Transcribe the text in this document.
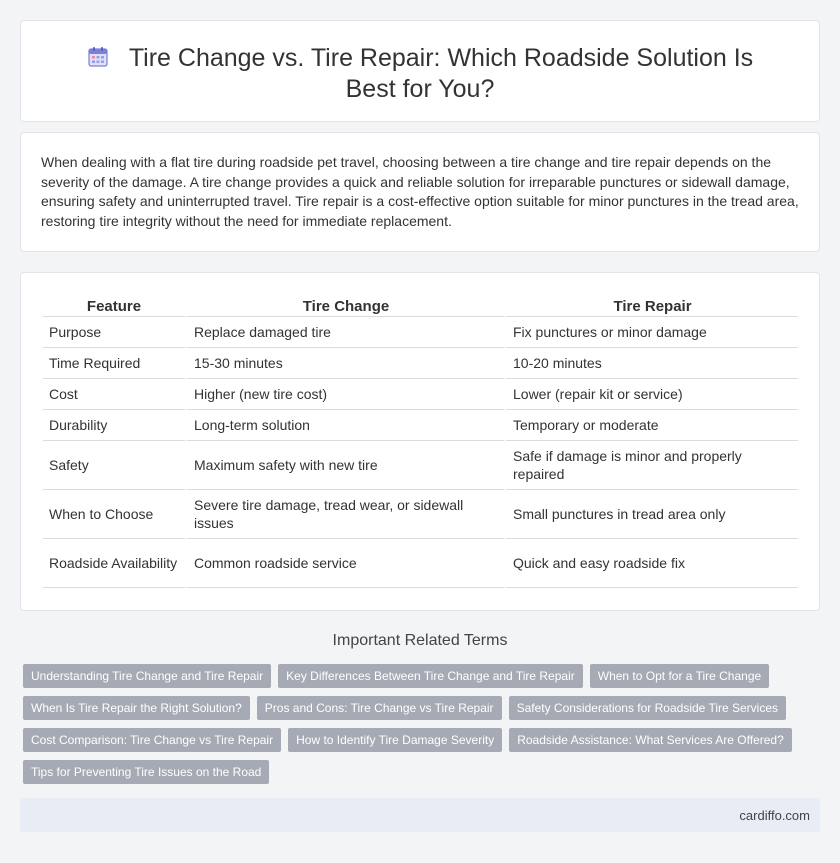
Tire Change vs. Tire Repair: Which Roadside Solution Is Best for You?

When dealing with a flat tire during roadside pet travel, choosing between a tire change and tire repair depends on the severity of the damage. A tire change provides a quick and reliable solution for irreparable punctures or sidewall damage, ensuring safety and uninterrupted travel. Tire repair is a cost-effective option suitable for minor punctures in the tread area, restoring tire integrity without the need for immediate replacement.

Feature	Tire Change	Tire Repair
Purpose	Replace damaged tire	Fix punctures or minor damage
Time Required	15-30 minutes	10-20 minutes
Cost	Higher (new tire cost)	Lower (repair kit or service)
Durability	Long-term solution	Temporary or moderate
Safety	Maximum safety with new tire	Safe if damage is minor and properly repaired
When to Choose	Severe tire damage, tread wear, or sidewall issues	Small punctures in tread area only
Roadside Availability	Common roadside service	Quick and easy roadside fix
Important Related Terms
Understanding Tire Change and Tire Repair	Key Differences Between Tire Change and Tire Repair	When to Opt for a Tire Change
When Is Tire Repair the Right Solution?	Pros and Cons: Tire Change vs Tire Repair	Safety Considerations for Roadside Tire Services
Cost Comparison: Tire Change vs Tire Repair	How to Identify Tire Damage Severity	Roadside Assistance: What Services Are Offered?
Tips for Preventing Tire Issues on the Road
cardiffo.com
